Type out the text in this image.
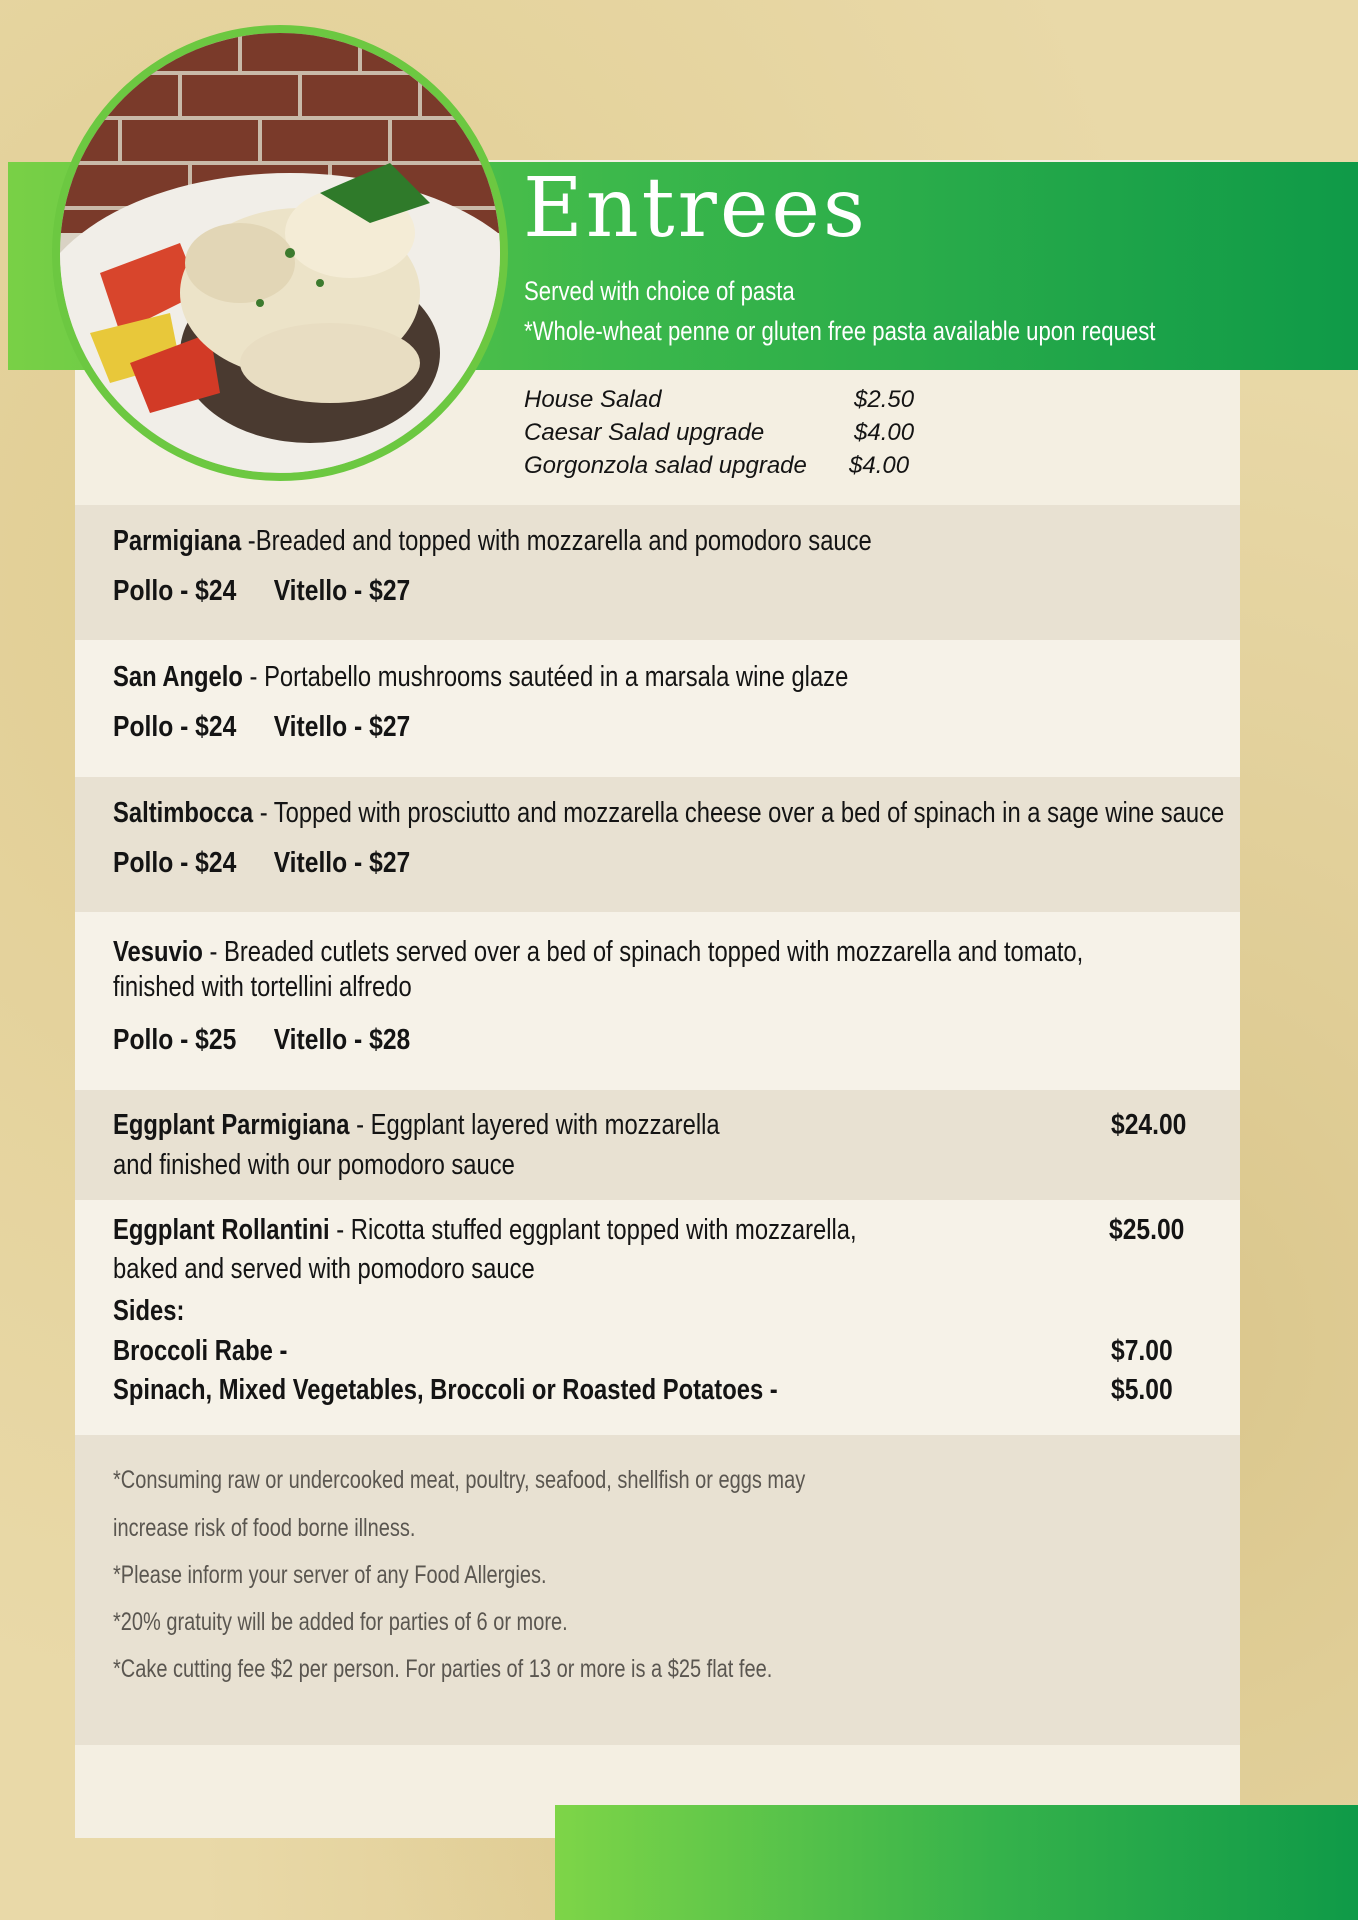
Entrees
Served with choice of pasta
*Whole-wheat penne or gluten free pasta available upon request
House Salad	$2.50
Caesar Salad upgrade	$4.00
Gorgonzola salad upgrade $4.00
Parmigiana -Breaded and topped with mozzarella and pomodoro sauce
Pollo - $24 Vitello - $27
San Angelo - Portabello mushrooms sautéed in a marsala wine glaze
Pollo - $24 Vitello - $27
Saltimbocca - Topped with prosciutto and mozzarella cheese over a bed of spinach in a sage wine sauce
Pollo - $24 Vitello - $27
Vesuvio - Breaded cutlets served over a bed of spinach topped with mozzarella and tomato,
finished with tortellini alfredo
Pollo - $25 Vitello - $28
Eggplant Parmigiana - Eggplant layered with mozzarella
and finished with our pomodoro sauce
$24.00
Eggplant Rollantini - Ricotta stuffed eggplant topped with mozzarella,
baked and served with pomodoro sauce
$25.00
Sides:
Broccoli Rabe -	$7.00
Spinach, Mixed Vegetables, Broccoli or Roasted Potatoes -	$5.00
*Consuming raw or undercooked meat, poultry, seafood, shellfish or eggs may
increase risk of food borne illness.
*Please inform your server of any Food Allergies.
*20% gratuity will be added for parties of 6 or more.
*Cake cutting fee $2 per person. For parties of 13 or more is a $25 flat fee.
